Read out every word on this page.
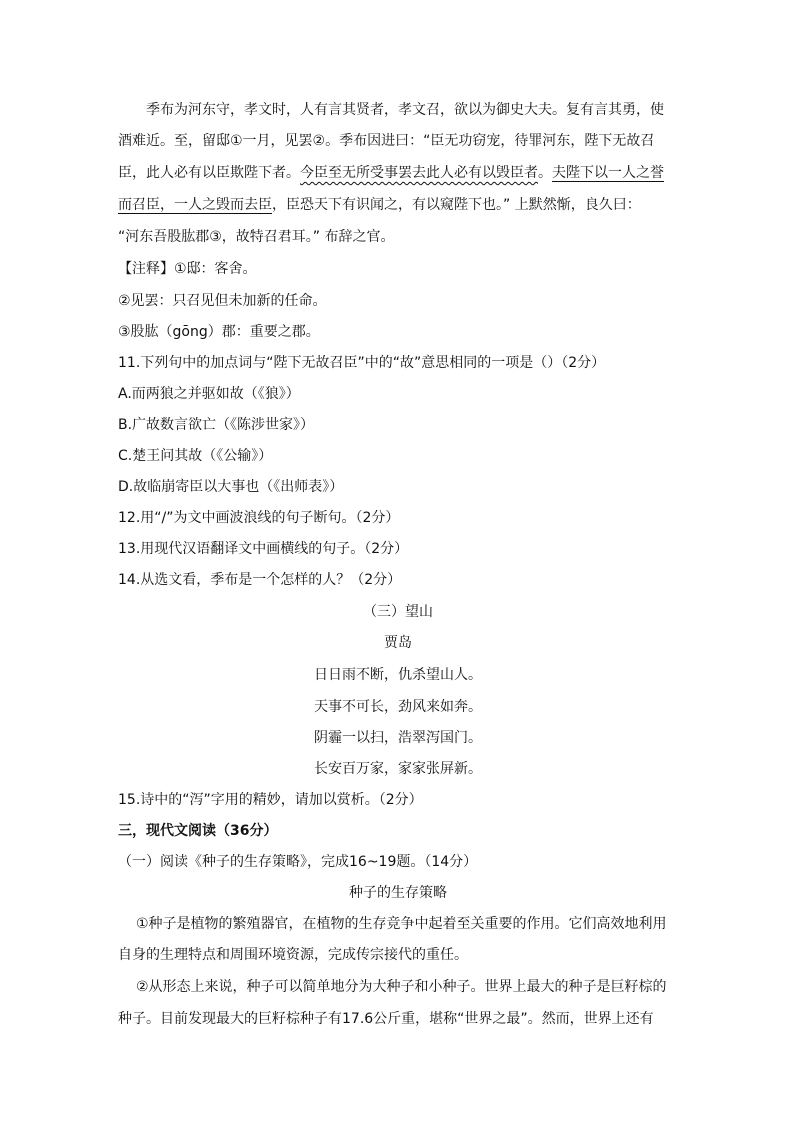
季布为河东守，孝文时，人有言其贤者，孝文召，欲以为御史大夫。复有言其勇，使
酒难近。至，留邸①一月，见罢②。季布因进曰：“臣无功窃宠，待罪河东，陛下无故召
臣，此人必有以臣欺陛下者。今臣至无所受事罢去此人必有以毁臣者。夫陛下以一人之誉
而召臣，一人之毁而去臣，臣恐天下有识闻之，有以窥陛下也。” 上默然惭，良久曰：
“河东吾股肱郡③，故特召君耳。” 布辞之官。
【注释】①邸：客舍。
②见罢：只召见但未加新的任命。
③股肱（gōng）郡：重要之郡。
11.下列句中的加点词与“陛下无故召臣”中的“故”意思相同的一项是（）（2分）
A.而两狼之并驱如故（《狼》）
B.广故数言欲亡（《陈涉世家》）
C.楚王问其故（《公输》）
D.故临崩寄臣以大事也（《出师表》）
12.用“/”为文中画波浪线的句子断句。（2分）
13.用现代汉语翻译文中画横线的句子。（2分）
14.从选文看，季布是一个怎样的人？（2分）
（三）望山
贾岛
日日雨不断，仇杀望山人。
天事不可长，劲风来如奔。
阴霾一以扫，浩翠泻国门。
长安百万家，家家张屏新。
15.诗中的“泻”字用的精妙，请加以赏析。（2分）
三，现代文阅读（36分）
（一）阅读《种子的生存策略》，完成16~19题。（14分）
种子的生存策略
①种子是植物的繁殖器官，在植物的生存竞争中起着至关重要的作用。它们高效地利用
自身的生理特点和周围环境资源，完成传宗接代的重任。
②从形态上来说，种子可以简单地分为大种子和小种子。世界上最大的种子是巨籽棕的
种子。目前发现最大的巨籽棕种子有17.6公斤重，堪称“世界之最”。然而，世界上还有
